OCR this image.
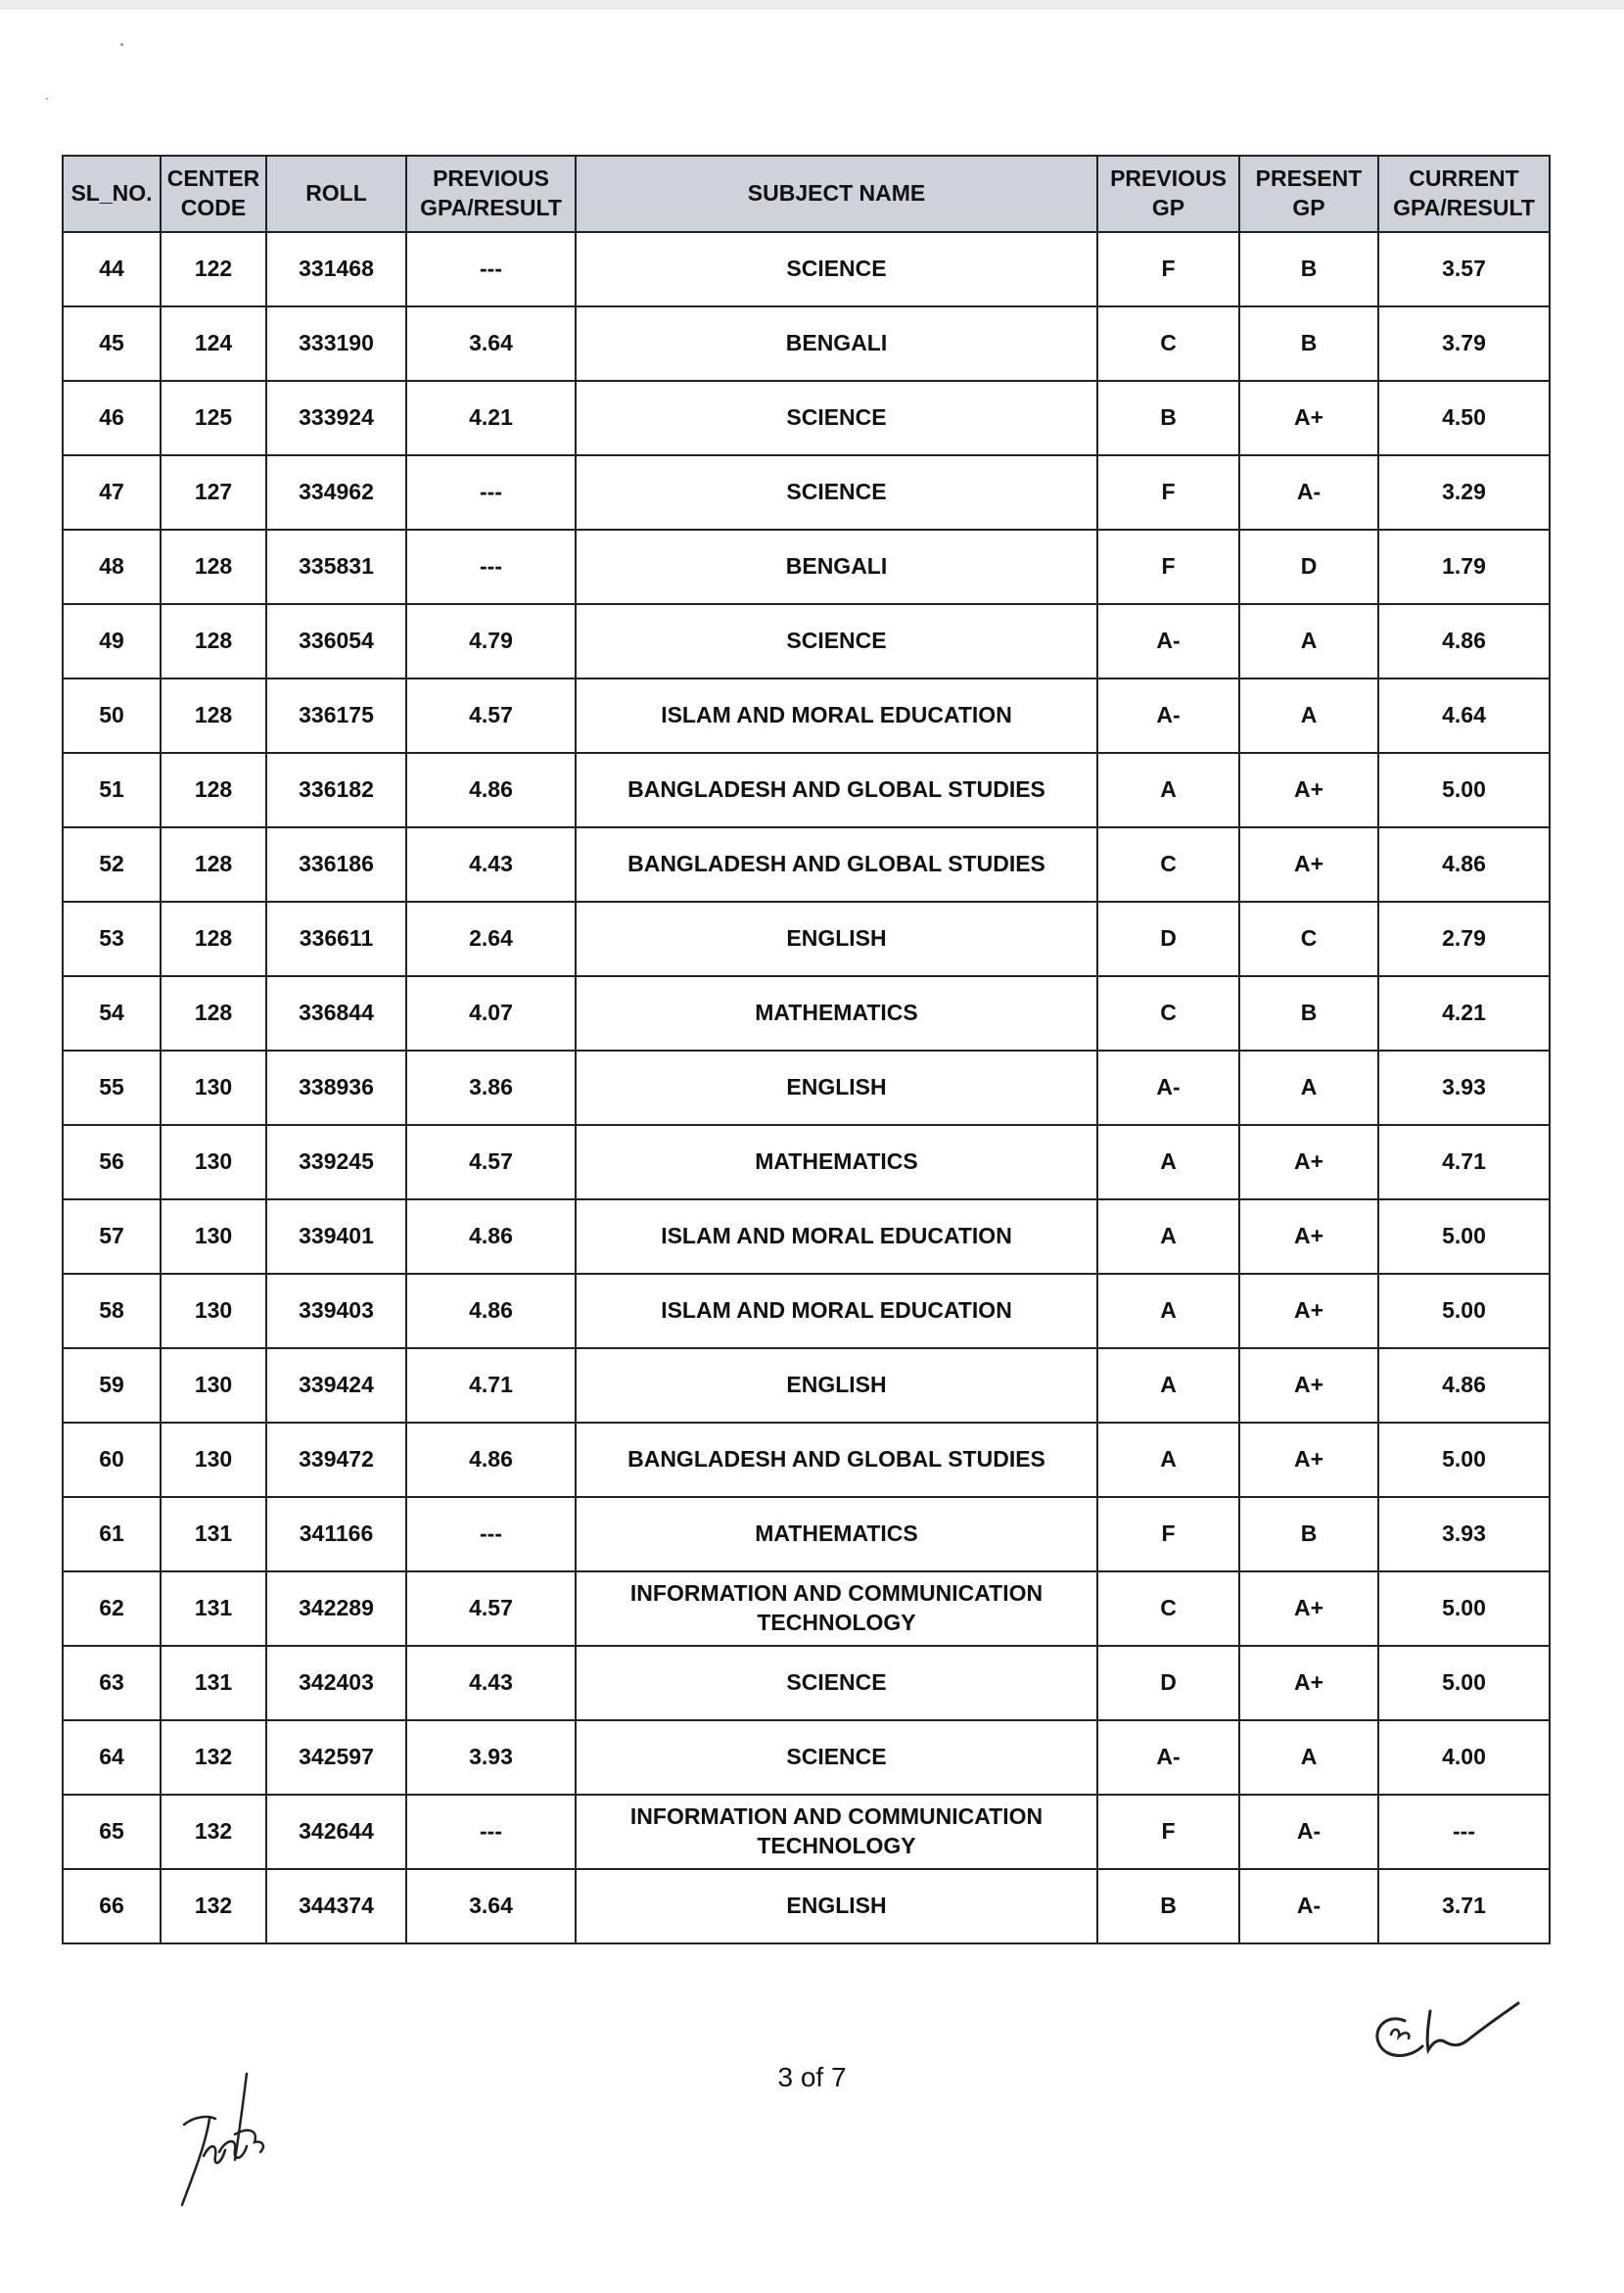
SL_NO.	CENTER CODE	ROLL	PREVIOUS GPA/RESULT	SUBJECT NAME	PREVIOUS GP	PRESENT GP	CURRENT GPA/RESULT
44	122	331468	---	SCIENCE	F	B	3.57
45	124	333190	3.64	BENGALI	C	B	3.79
46	125	333924	4.21	SCIENCE	B	A+	4.50
47	127	334962	---	SCIENCE	F	A-	3.29
48	128	335831	---	BENGALI	F	D	1.79
49	128	336054	4.79	SCIENCE	A-	A	4.86
50	128	336175	4.57	ISLAM AND MORAL EDUCATION	A-	A	4.64
51	128	336182	4.86	BANGLADESH AND GLOBAL STUDIES	A	A+	5.00
52	128	336186	4.43	BANGLADESH AND GLOBAL STUDIES	C	A+	4.86
53	128	336611	2.64	ENGLISH	D	C	2.79
54	128	336844	4.07	MATHEMATICS	C	B	4.21
55	130	338936	3.86	ENGLISH	A-	A	3.93
56	130	339245	4.57	MATHEMATICS	A	A+	4.71
57	130	339401	4.86	ISLAM AND MORAL EDUCATION	A	A+	5.00
58	130	339403	4.86	ISLAM AND MORAL EDUCATION	A	A+	5.00
59	130	339424	4.71	ENGLISH	A	A+	4.86
60	130	339472	4.86	BANGLADESH AND GLOBAL STUDIES	A	A+	5.00
61	131	341166	---	MATHEMATICS	F	B	3.93
62	131	342289	4.57	INFORMATION AND COMMUNICATION TECHNOLOGY	C	A+	5.00
63	131	342403	4.43	SCIENCE	D	A+	5.00
64	132	342597	3.93	SCIENCE	A-	A	4.00
65	132	342644	---	INFORMATION AND COMMUNICATION TECHNOLOGY	F	A-	---
66	132	344374	3.64	ENGLISH	B	A-	3.71
3 of 7
